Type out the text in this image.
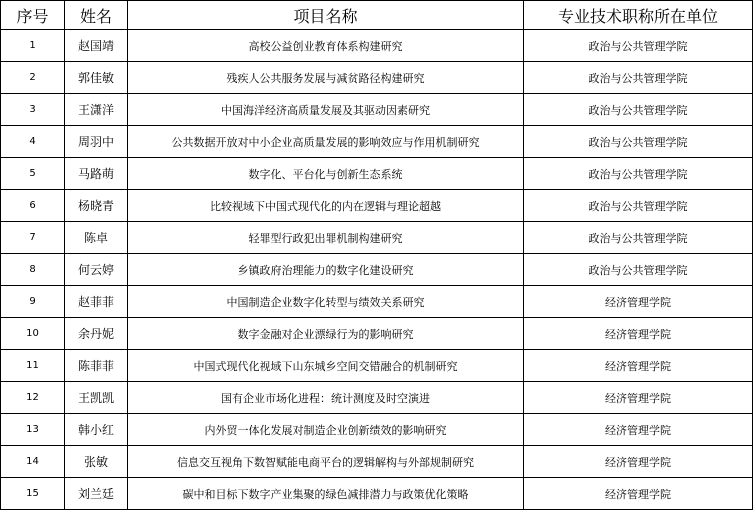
序号	姓名	项目名称	专业技术职称所在单位
1	赵国靖	高校公益创业教育体系构建研究	政治与公共管理学院
2	郭佳敏	残疾人公共服务发展与减贫路径构建研究	政治与公共管理学院
3	王潇洋	中国海洋经济高质量发展及其驱动因素研究	政治与公共管理学院
4	周羽中	公共数据开放对中小企业高质量发展的影响效应与作用机制研究	政治与公共管理学院
5	马路萌	数字化、平台化与创新生态系统	政治与公共管理学院
6	杨晓青	比较视域下中国式现代化的内在逻辑与理论超越	政治与公共管理学院
7	陈卓	轻罪型行政犯出罪机制构建研究	政治与公共管理学院
8	何云婷	乡镇政府治理能力的数字化建设研究	政治与公共管理学院
9	赵菲菲	中国制造企业数字化转型与绩效关系研究	经济管理学院
10	余丹妮	数字金融对企业漂绿行为的影响研究	经济管理学院
11	陈菲菲	中国式现代化视域下山东城乡空间交错融合的机制研究	经济管理学院
12	王凯凯	国有企业市场化进程：统计测度及时空演进	经济管理学院
13	韩小红	内外贸一体化发展对制造企业创新绩效的影响研究	经济管理学院
14	张敏	信息交互视角下数智赋能电商平台的逻辑解构与外部规制研究	经济管理学院
15	刘兰廷	碳中和目标下数字产业集聚的绿色减排潜力与政策优化策略	经济管理学院
